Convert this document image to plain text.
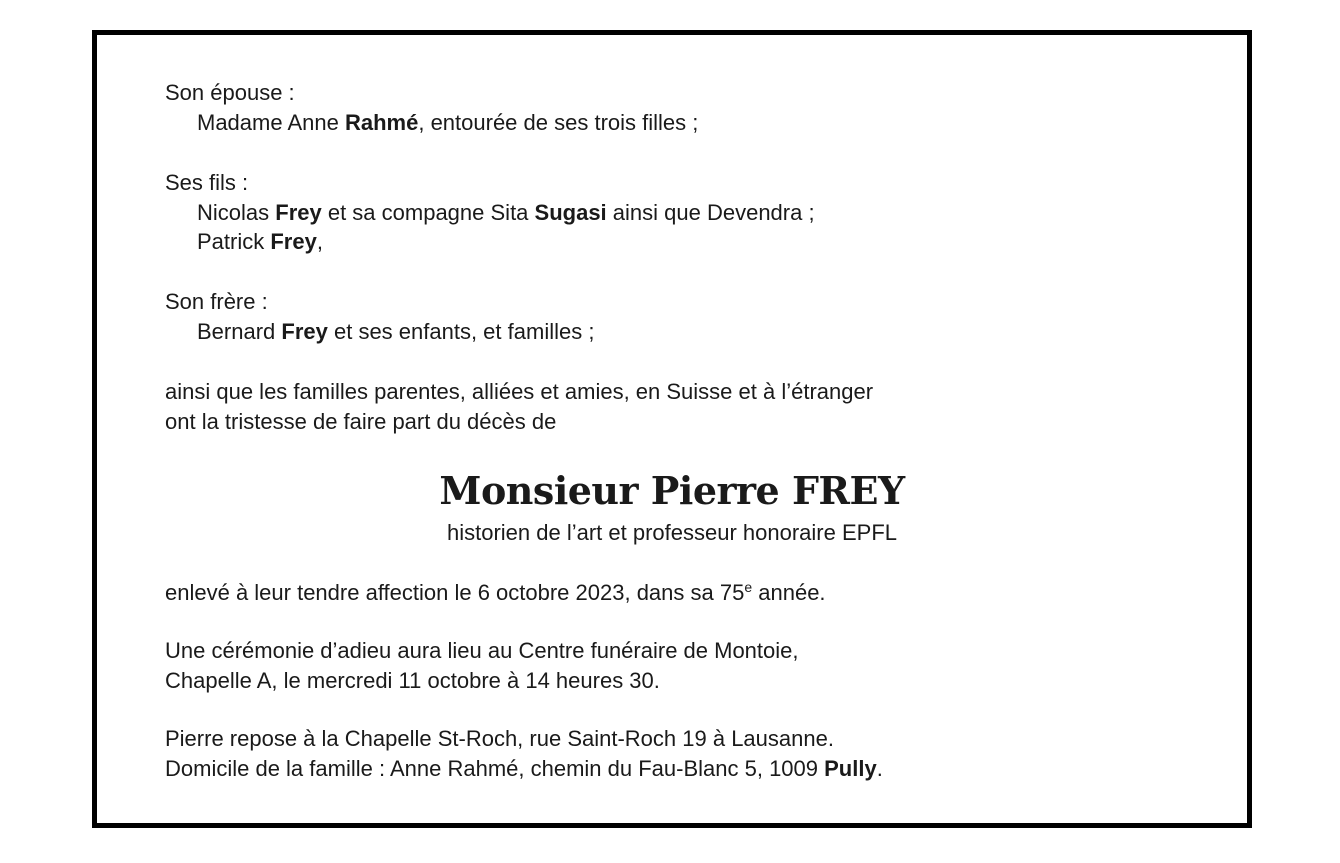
Son épouse :

Madame Anne Rahmé, entourée de ses trois filles ;

Ses fils :

Nicolas Frey et sa compagne Sita Sugasi ainsi que Devendra ;

Patrick Frey,

Son frère :

Bernard Frey et ses enfants, et familles ;

ainsi que les familles parentes, alliées et amies, en Suisse et à l’étranger

ont la tristesse de faire part du décès de

Monsieur Pierre FREY

historien de l’art et professeur honoraire EPFL

enlevé à leur tendre affection le 6 octobre 2023, dans sa 75e année.

Une cérémonie d’adieu aura lieu au Centre funéraire de Montoie,

Chapelle A, le mercredi 11 octobre à 14 heures 30.

Pierre repose à la Chapelle St-Roch, rue Saint-Roch 19 à Lausanne.

Domicile de la famille : Anne Rahmé, chemin du Fau-Blanc 5, 1009 Pully.
